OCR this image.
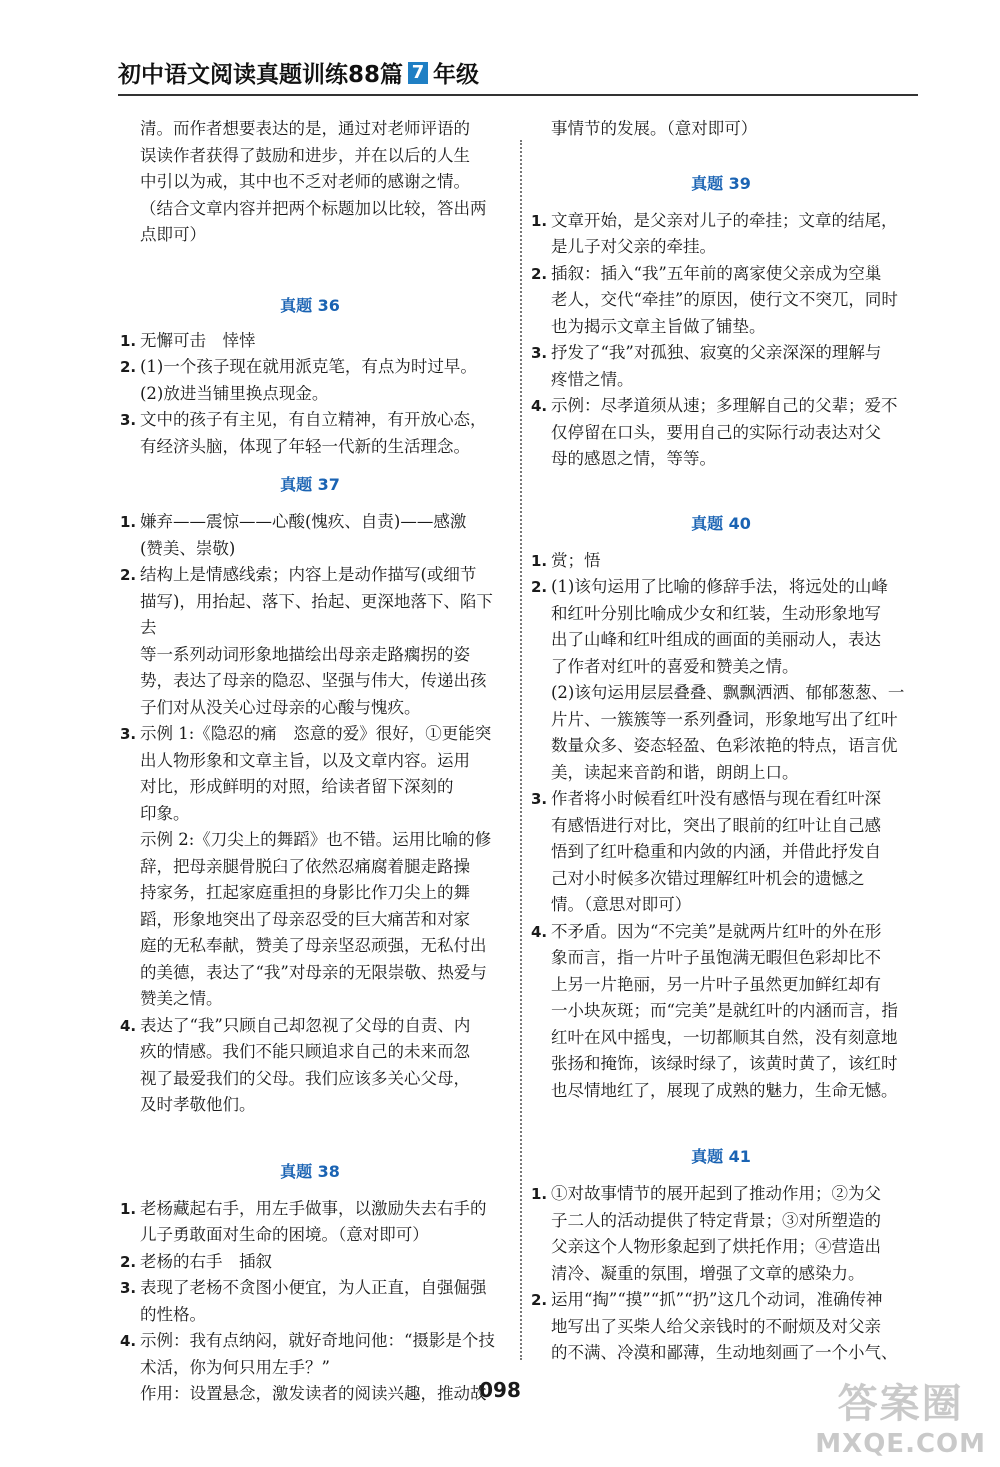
初中语文阅读真题训练88篇 7 年级
清。而作者想要表达的是，通过对老师评语的
误读作者获得了鼓励和进步，并在以后的人生
中引以为戒，其中也不乏对老师的感谢之情。
（结合文章内容并把两个标题加以比较，答出两
点即可）
真题 36
1. 无懈可击　悻悻
2. (1)一个孩子现在就用派克笔，有点为时过早。
(2)放进当铺里换点现金。
3. 文中的孩子有主见，有自立精神，有开放心态，
有经济头脑，体现了年轻一代新的生活理念。
真题 37
1. 嫌弃——震惊——心酸(愧疚、自责)——感激
(赞美、崇敬)
2. 结构上是情感线索；内容上是动作描写(或细节
描写)，用抬起、落下、抬起、更深地落下、陷下去
等一系列动词形象地描绘出母亲走路瘸拐的姿
势，表达了母亲的隐忍、坚强与伟大，传递出孩
子们对从没关心过母亲的心酸与愧疚。
3. 示例 1:《隐忍的痛　恣意的爱》很好，①更能突
出人物形象和文章主旨，以及文章内容。运用
对比，形成鲜明的对照，给读者留下深刻的
印象。
示例 2:《刀尖上的舞蹈》也不错。运用比喻的修
辞，把母亲腿骨脱臼了依然忍痛腐着腿走路操
持家务，扛起家庭重担的身影比作刀尖上的舞
蹈，形象地突出了母亲忍受的巨大痛苦和对家
庭的无私奉献，赞美了母亲坚忍顽强，无私付出
的美德，表达了“我”对母亲的无限崇敬、热爱与
赞美之情。
4. 表达了“我”只顾自己却忽视了父母的自责、内
疚的情感。我们不能只顾追求自己的未来而忽
视了最爱我们的父母。我们应该多关心父母，
及时孝敬他们。
真题 38
1. 老杨藏起右手，用左手做事，以激励失去右手的
儿子勇敢面对生命的困境。（意对即可）
2. 老杨的右手　插叙
3. 表现了老杨不贪图小便宜，为人正直，自强倔强
的性格。
4. 示例：我有点纳闷，就好奇地问他：“摄影是个技
术活，你为何只用左手？”
作用：设置悬念，激发读者的阅读兴趣，推动故
事情节的发展。（意对即可）
真题 39
1. 文章开始，是父亲对儿子的牵挂；文章的结尾，
是儿子对父亲的牵挂。
2. 插叙：插入“我”五年前的离家使父亲成为空巢
老人，交代“牵挂”的原因，使行文不突兀，同时
也为揭示文章主旨做了铺垫。
3. 抒发了“我”对孤独、寂寞的父亲深深的理解与
疼惜之情。
4. 示例：尽孝道须从速；多理解自己的父辈；爱不
仅停留在口头，要用自己的实际行动表达对父
母的感恩之情，等等。
真题 40
1. 赏；悟
2. (1)该句运用了比喻的修辞手法，将远处的山峰
和红叶分别比喻成少女和红装，生动形象地写
出了山峰和红叶组成的画面的美丽动人，表达
了作者对红叶的喜爱和赞美之情。
(2)该句运用层层叠叠、飘飘洒洒、郁郁葱葱、一
片片、一簇簇等一系列叠词，形象地写出了红叶
数量众多、姿态轻盈、色彩浓艳的特点，语言优
美，读起来音韵和谐，朗朗上口。
3. 作者将小时候看红叶没有感悟与现在看红叶深
有感悟进行对比，突出了眼前的红叶让自己感
悟到了红叶稳重和内敛的内涵，并借此抒发自
己对小时候多次错过理解红叶机会的遗憾之
情。（意思对即可）
4. 不矛盾。因为“不完美”是就两片红叶的外在形
象而言，指一片叶子虽饱满无暇但色彩却比不
上另一片艳丽，另一片叶子虽然更加鲜红却有
一小块灰斑；而“完美”是就红叶的内涵而言，指
红叶在风中摇曳，一切都顺其自然，没有刻意地
张扬和掩饰，该绿时绿了，该黄时黄了，该红时
也尽情地红了，展现了成熟的魅力，生命无憾。
真题 41
1. ①对故事情节的展开起到了推动作用；②为父
子二人的活动提供了特定背景；③对所塑造的
父亲这个人物形象起到了烘托作用；④营造出
清冷、凝重的氛围，增强了文章的感染力。
2. 运用“掏”“摸”“抓”“扔”这几个动词，准确传神
地写出了买柴人给父亲钱时的不耐烦及对父亲
的不满、冷漠和鄙薄，生动地刻画了一个小气、
098	答案圈
MXQE.COM
